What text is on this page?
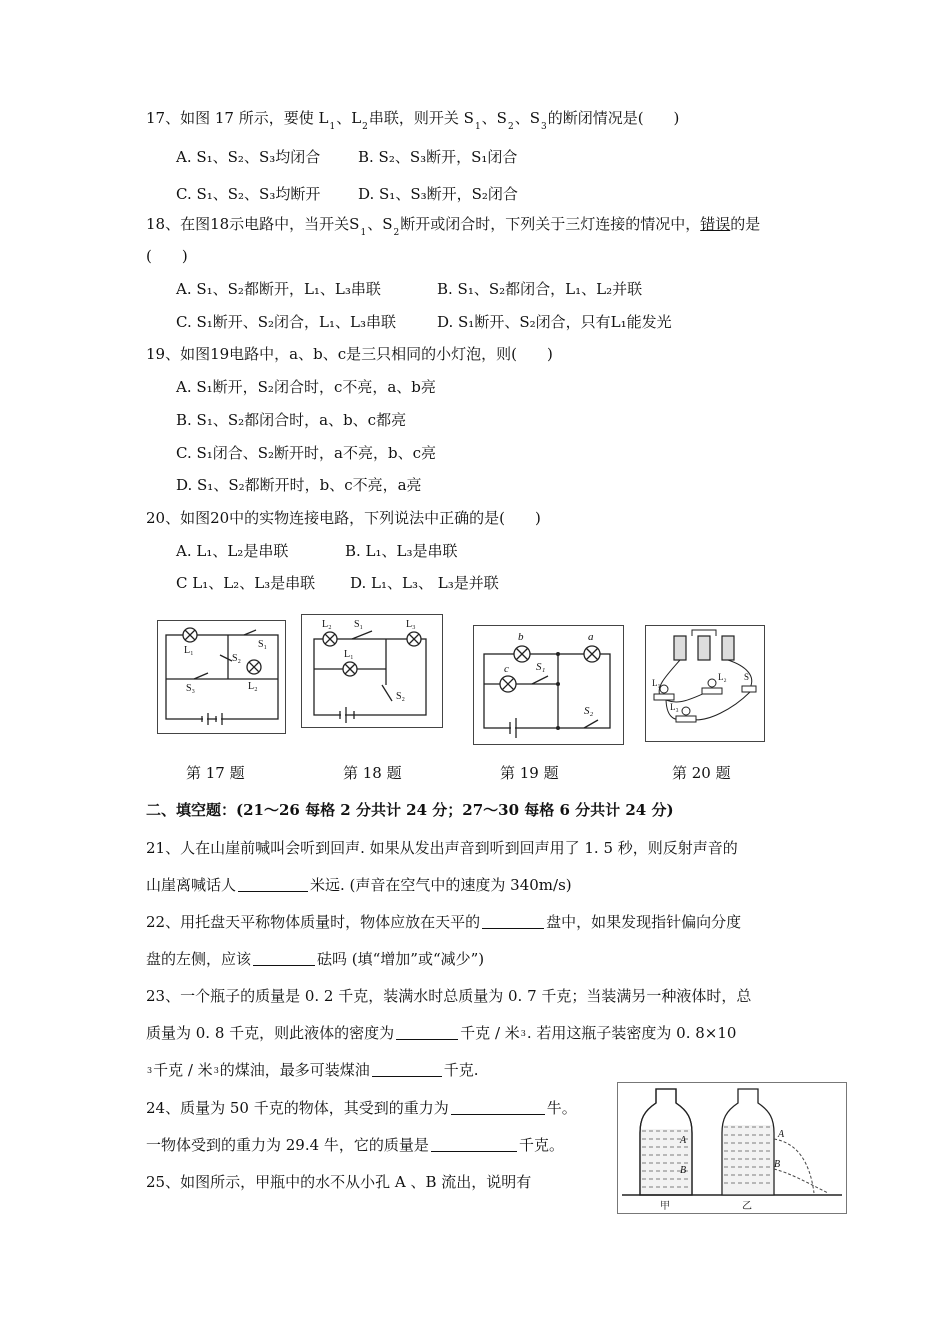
17、如图 17 所示，要使 $L_1$、$L_2$串联，则开关 $S_1$、$S_2$、$S_3$的断闭情况是(　　)
A. S₁、S₂、S₃均闭合	B. S₂、S₃断开，S₁闭合
C. S₁、S₂、S₃均断开	D. S₁、S₃断开，S₂闭合
18、在图18示电路中，当开关$S_1$、$S_2$断开或闭合时，下列关于三灯连接的情况中，错误的是
(　　)
A. S₁、S₂都断开，L₁、L₃串联	B. S₁、S₂都闭合，L₁、L₂并联
C. S₁断开、S₂闭合，L₁、L₃串联	D. S₁断开、S₂闭合，只有L₁能发光
19、如图19电路中，a、b、c是三只相同的小灯泡，则(　　)
A. S₁断开，S₂闭合时，c不亮，a、b亮
B. S₁、S₂都闭合时，a、b、c都亮
C. S₁闭合、S₂断开时，a不亮，b、c亮
D. S₁、S₂都断开时，b、c不亮，a亮
20、如图20中的实物连接电路，下列说法中正确的是(　　)
A. L₁、L₂是串联	B. L₁、L₃是串联
C L₁、L₂、L₃是串联 D. L₁、L₃、 L₃是并联
L₁
S₁
S₂
S₃	L₂
L₂ S₁	L₃
L₁
S₂
b	a
c S₁
S₂
L₁
L₂
L₃
S
第 17 题	第 18 题	第 19 题	第 20 题
二、填空题：(21～26 每格 2 分共计 24 分；27～30 每格 6 分共计 24 分)
21、人在山崖前喊叫会听到回声. 如果从发出声音到听到回声用了 1. 5 秒，则反射声音的
山崖离喊话人	米远. (声音在空气中的速度为 340m/s)
22、用托盘天平称物体质量时，物体应放在天平的	盘中，如果发现指针偏向分度
盘的左侧，应该	砝吗 (填“增加”或“减少”)
23、一个瓶子的质量是 0. 2 千克，装满水时总质量为 0. 7 千克；当装满另一种液体时，总
质量为 0. 8 千克，则此液体的密度为	千克 / 米3. 若用这瓶子装密度为 0. 8×10
3千克 / 米3的煤油，最多可装煤油	千克.
24、质量为 50 千克的物体，其受到的重力为	牛。
一物体受到的重力为 29.4 牛，它的质量是	千克。
25、如图所示，甲瓶中的水不从小孔 A 、B 流出，说明有
A
B
A
B
甲	乙
